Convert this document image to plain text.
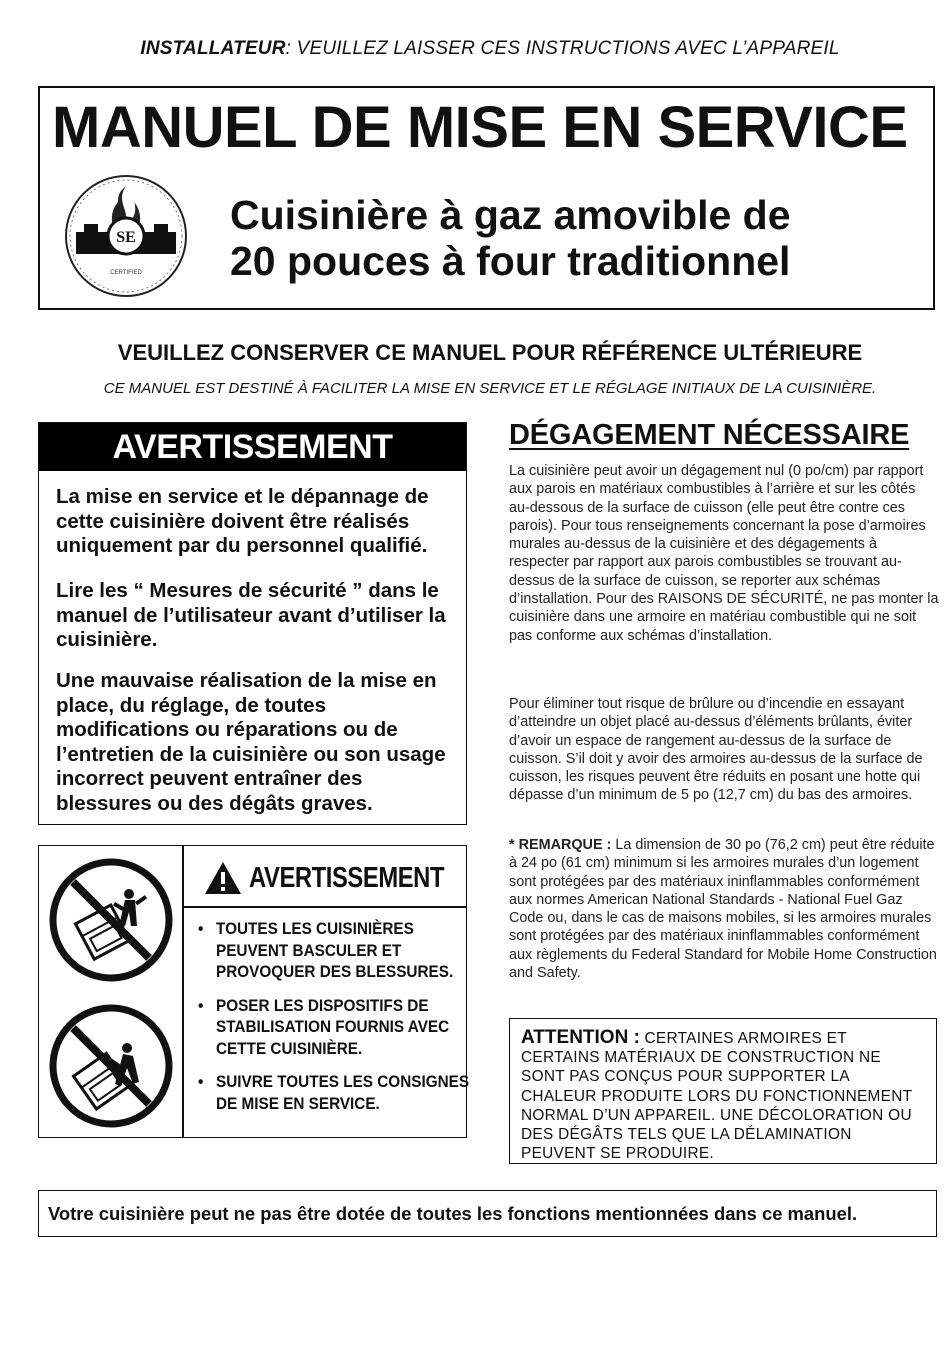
INSTALLATEUR: VEUILLEZ LAISSER CES INSTRUCTIONS AVEC L’APPAREIL
MANUEL DE MISE EN SERVICE
SE
CERTIFIED
Cuisinière à gaz amovible de
20 pouces à four traditionnel
VEUILLEZ CONSERVER CE MANUEL POUR RÉFÉRENCE ULTÉRIEURE
CE MANUEL EST DESTINÉ À FACILITER LA MISE EN SERVICE ET LE RÉGLAGE INITIAUX DE LA CUISINIÈRE.
AVERTISSEMENT

La mise en service et le dépannage de cette cuisinière doivent être réalisés uniquement par du personnel qualifié.

Lire les “ Mesures de sécurité ” dans le manuel de l’utilisateur avant d’utiliser la cuisinière.

Une mauvaise réalisation de la mise en place, du réglage, de toutes modifications ou réparations ou de l’entretien de la cuisinière ou son usage incorrect peuvent entraîner des blessures ou des dégâts graves.

AVERTISSEMENT
• TOUTES LES CUISINIÈRES PEUVENT BASCULER ET PROVOQUER DES BLESSURES.
• POSER LES DISPOSITIFS DE STABILISATION FOURNIS AVEC CETTE CUISINIÈRE.
• SUIVRE TOUTES LES CONSIGNES DE MISE EN SERVICE.
DÉGAGEMENT NÉCESSAIRE

La cuisinière peut avoir un dégagement nul (0 po/cm) par rapport aux parois en matériaux combustibles à l’arrière et sur les côtés au-dessous de la surface de cuisson (elle peut être contre ces parois). Pour tous renseignements concernant la pose d’armoires murales au-dessus de la cuisinière et des dégagements à respecter par rapport aux parois combustibles se trouvant au-dessus de la surface de cuisson, se reporter aux schémas d’installation. Pour des RAISONS DE SÉCURITÉ, ne pas monter la cuisinière dans une armoire en matériau combustible qui ne soit pas conforme aux schémas d’installation.

Pour éliminer tout risque de brûlure ou d’incendie en essayant d’atteindre un objet placé au-dessus d’éléments brûlants, éviter d’avoir un espace de rangement au-dessus de la surface de cuisson. S’il doit y avoir des armoires au-dessus de la surface de cuisson, les risques peuvent être réduits en posant une hotte qui dépasse d’un minimum de 5 po (12,7 cm) du bas des armoires.

* REMARQUE : La dimension de 30 po (76,2 cm) peut être réduite à 24 po (61 cm) minimum si les armoires murales d’un logement sont protégées par des matériaux ininflammables conformément aux normes American National Standards - National Fuel Gaz Code ou, dans le cas de maisons mobiles, si les armoires murales sont protégées par des matériaux ininflammables conformément aux règlements du Federal Standard for Mobile Home Construction and Safety.

ATTENTION : CERTAINES ARMOIRES ET CERTAINS MATÉRIAUX DE CONSTRUCTION NE SONT PAS CONÇUS POUR SUPPORTER LA CHALEUR PRODUITE LORS DU FONCTIONNEMENT NORMAL D’UN APPAREIL. UNE DÉCOLORATION OU DES DÉGÂTS TELS QUE LA DÉLAMINATION PEUVENT SE PRODUIRE.
Votre cuisinière peut ne pas être dotée de toutes les fonctions mentionnées dans ce manuel.
